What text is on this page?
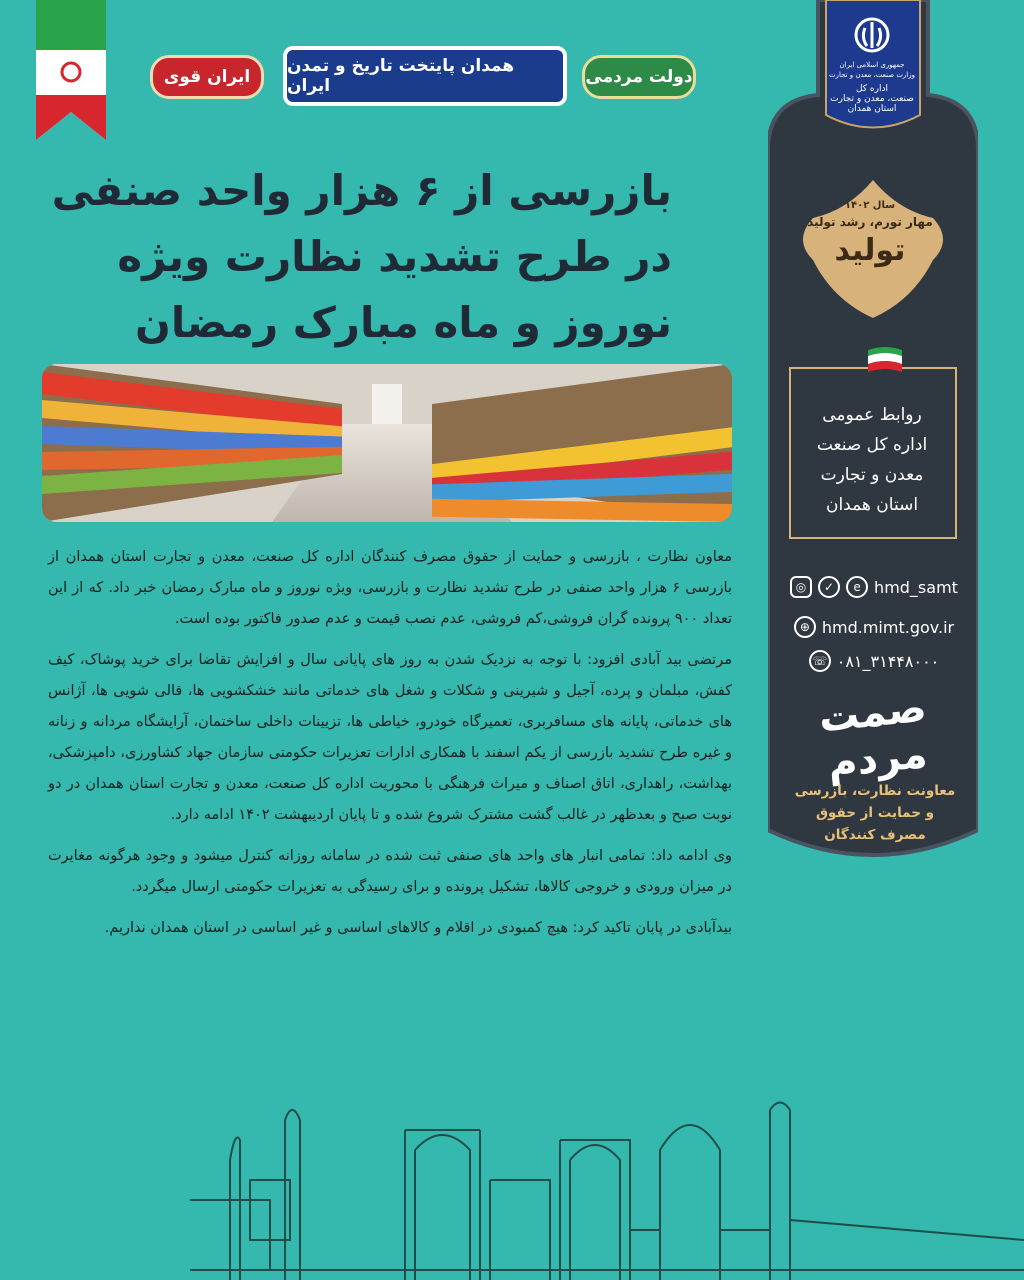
ایران قوی
همدان پایتخت تاریخ و تمدن ایران	دولت مردمی
بازرسی از ۶ هزار واحد صنفی
در طرح تشدید نظارت ویژه
نوروز و ماه مبارک رمضان

معاون نظارت ، بازرسی و حمایت از حقوق مصرف کنندگان اداره کل صنعت، معدن و تجارت استان همدان از بازرسی ۶ هزار واحد صنفی در طرح تشدید نظارت و بازرسی، ویژه نوروز و ماه مبارک رمضان خبر داد. که از این تعداد ۹۰۰ پرونده گران فروشی،کم فروشی، عدم نصب قیمت و عدم صدور فاکتور بوده است.

مرتضی بید آبادی افزود: با توجه به نزدیک شدن به روز های پایانی سال و افزایش تقاضا برای خرید پوشاک، کیف کفش، مبلمان و پرده، آجیل و شیرینی و شکلات و شغل های خدماتی مانند خشکشویی ها، قالی شویی ها، آژانس های خدماتی، پایانه های مسافربری، تعمیرگاه خودرو، خیاطی ها، تزیینات داخلی ساختمان، آرایشگاه مردانه و زنانه و غیره طرح تشدید بازرسی از یکم اسفند با همکاری ادارات تعزیرات حکومتی سازمان جهاد کشاورزی، دامپزشکی، بهداشت، راهداری، اتاق اصناف و میراث فرهنگی با محوریت اداره کل صنعت، معدن و تجارت استان همدان در دو نوبت صبح و بعدظهر در غالب گشت مشترک شروع شده و تا پایان اردیبهشت ۱۴۰۲ ادامه دارد.

وی ادامه داد: تمامی انبار های واحد های صنفی ثبت شده در سامانه روزانه کنترل میشود و وجود هرگونه مغایرت در میزان ورودی و خروجی کالاها، تشکیل پرونده و برای رسیدگی به تعزیرات حکومتی ارسال میگردد.

بیدآبادی در پایان تاکید کرد: هیچ کمبودی در اقلام و کالاهای اساسی و غیر اساسی در استان همدان نداریم.

جمهوری اسلامی ایران
وزارت صنعت، معدن و تجارت
اداره کل
صنعت، معدن و تجارت
استان همدان
سال ۱۴۰۲
مهار تورم، رشد تولید
تولید
روابط عمومی
اداره کل صنعت
معدن و تجارت
استان همدان
◎	✓	e hmd_samt
⊕ hmd.mimt.gov.ir
☏ ۰۸۱_۳۱۴۴۸۰۰۰
صمت مردم
معاونت نظارت، بازرسی
و حمایت از حقوق
مصرف کنندگان
